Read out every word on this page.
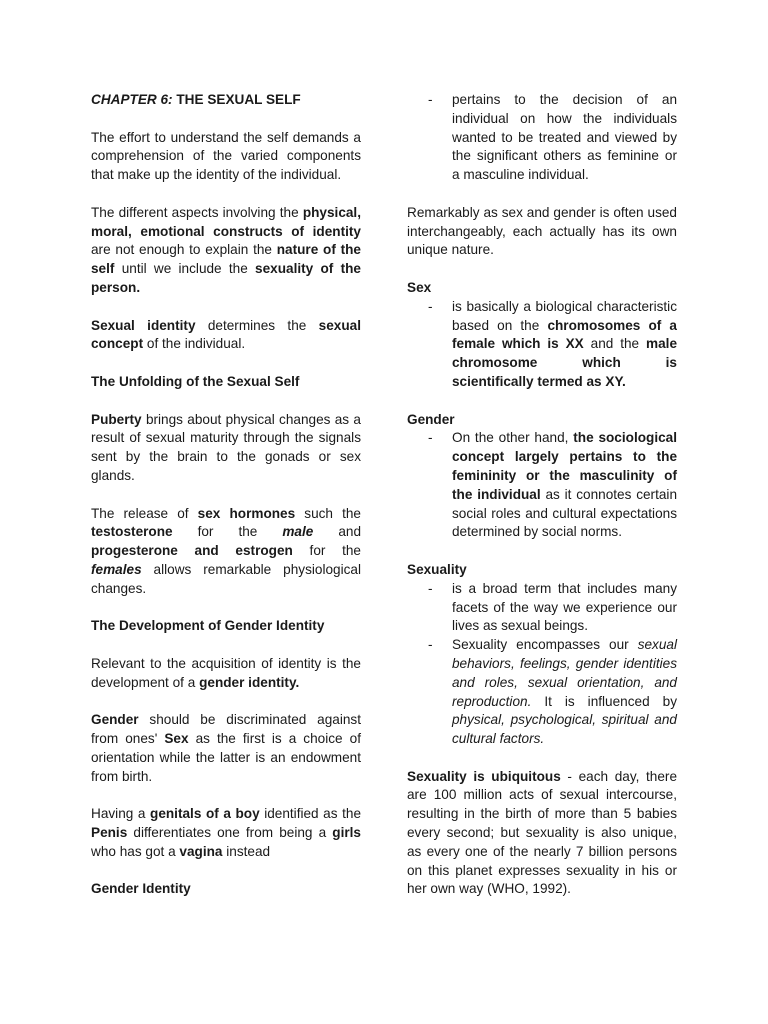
CHAPTER 6: THE SEXUAL SELF

The effort to understand the self demands a comprehension of the varied components that make up the identity of the individual.

The different aspects involving the physical, moral, emotional constructs of identity are not enough to explain the nature of the self until we include the sexuality of the person.

Sexual identity determines the sexual concept of the individual.

The Unfolding of the Sexual Self

Puberty brings about physical changes as a result of sexual maturity through the signals sent by the brain to the gonads or sex glands.

The release of sex hormones such the testosterone for the male and progesterone and estrogen for the females allows remarkable physiological changes.

The Development of Gender Identity

Relevant to the acquisition of identity is the development of a gender identity.

Gender should be discriminated against from ones' Sex as the first is a choice of orientation while the latter is an endowment from birth.

Having a genitals of a boy identified as the Penis differentiates one from being a girls who has got a vagina instead

Gender Identity

-	pertains to the decision of an individual on how the individuals wanted to be treated and viewed by the significant others as feminine or a masculine individual.

Remarkably as sex and gender is often used interchangeably, each actually has its own unique nature.

Sex

-	is basically a biological characteristic based on the chromosomes of a female which is XX and the male chromosome which is scientifically termed as XY.

Gender

-	On the other hand, the sociological concept largely pertains to the femininity or the masculinity of the individual as it connotes certain social roles and cultural expectations determined by social norms.

Sexuality

-	is a broad term that includes many facets of the way we experience our lives as sexual beings.
-	Sexuality encompasses our sexual behaviors, feelings, gender identities and roles, sexual orientation, and reproduction. It is influenced by physical, psychological, spiritual and cultural factors.

Sexuality is ubiquitous - each day, there are 100 million acts of sexual intercourse, resulting in the birth of more than 5 babies every second; but sexuality is also unique, as every one of the nearly 7 billion persons on this planet expresses sexuality in his or her own way (WHO, 1992).
